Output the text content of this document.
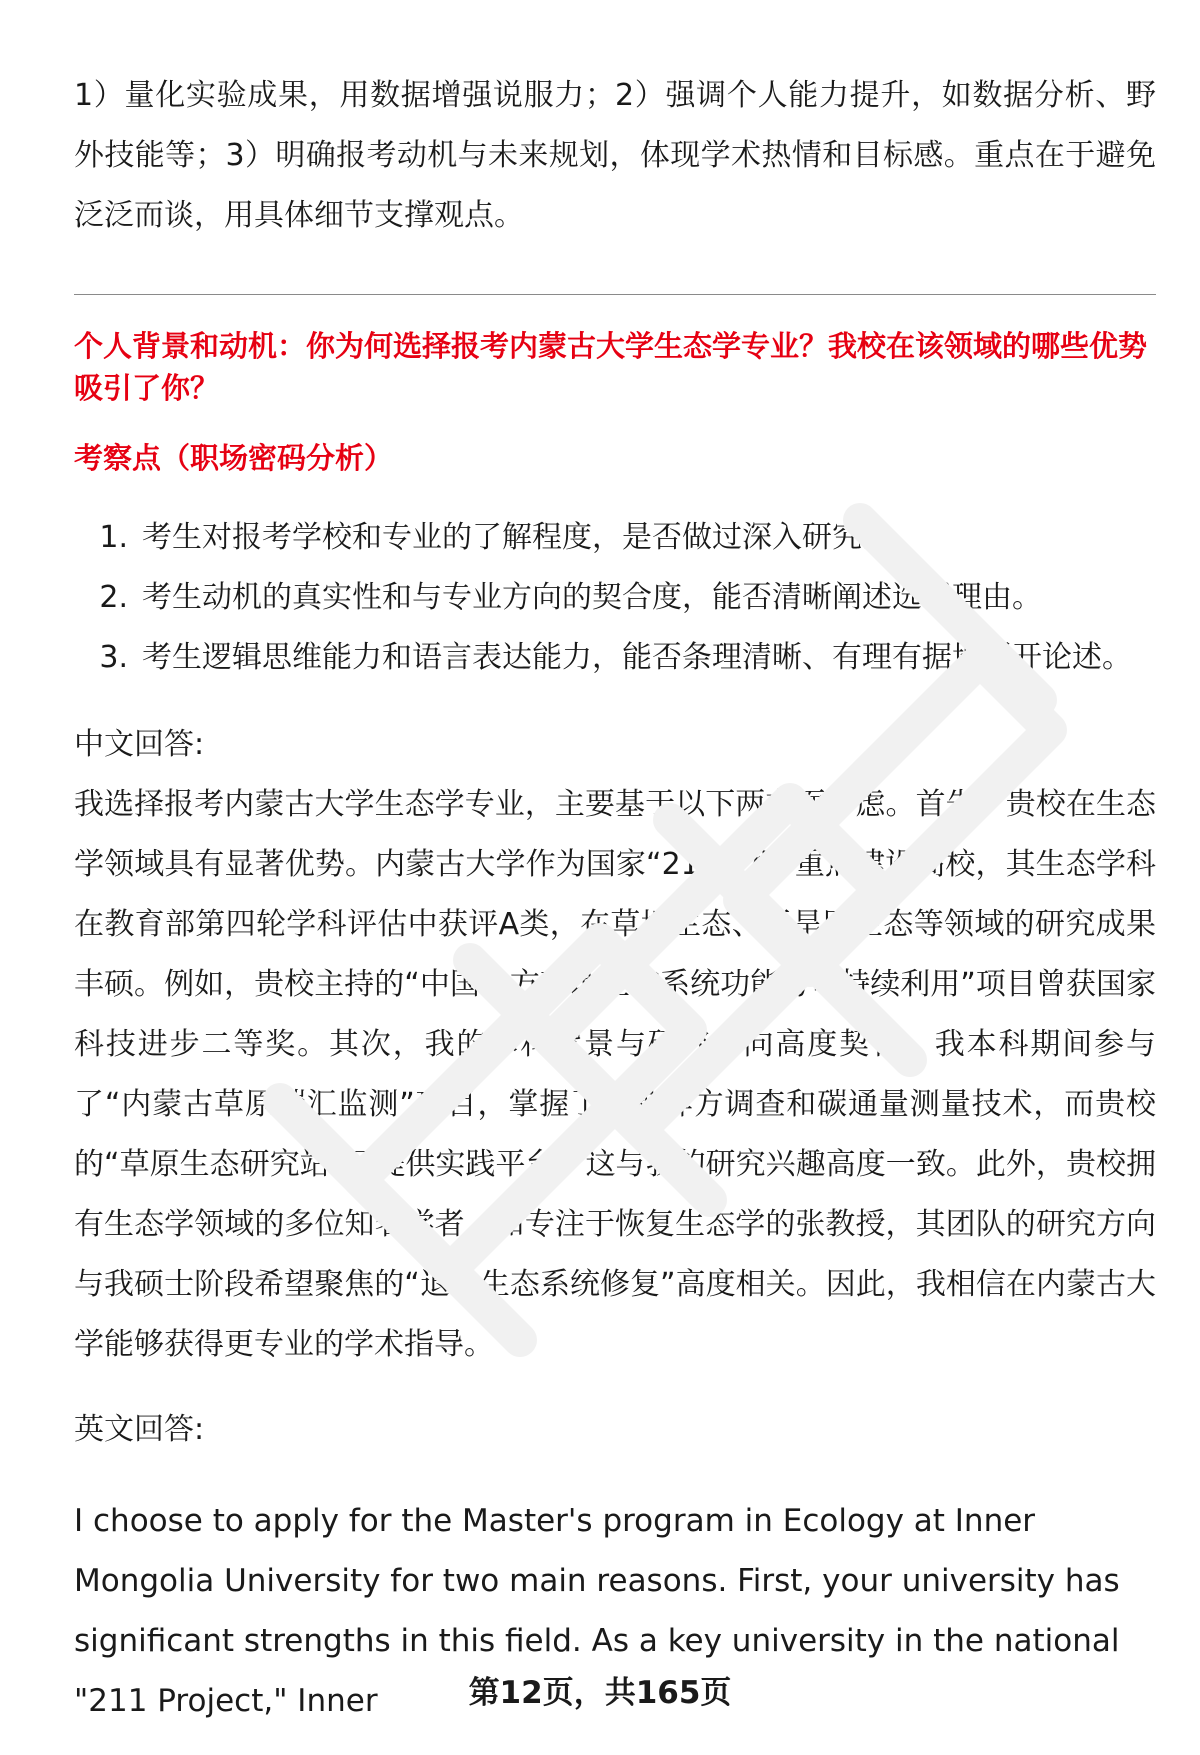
1）量化实验成果，用数据增强说服力；2）强调个人能力提升，如数据分析、野外技能等；3）明确报考动机与未来规划，体现学术热情和目标感。重点在于避免泛泛而谈，用具体细节支撑观点。

个人背景和动机：你为何选择报考内蒙古大学生态学专业？我校在该领域的哪些优势吸引了你？

考察点（职场密码分析）

1. 考生对报考学校和专业的了解程度，是否做过深入研究。
2. 考生动机的真实性和与专业方向的契合度，能否清晰阐述选择理由。
3. 考生逻辑思维能力和语言表达能力，能否条理清晰、有理有据地展开论述。

中文回答:

我选择报考内蒙古大学生态学专业，主要基于以下两方面考虑。首先，贵校在生态学领域具有显著优势。内蒙古大学作为国家“211工程”重点建设高校，其生态学科在教育部第四轮学科评估中获评A类，在草地生态、干旱区生态等领域的研究成果丰硕。例如，贵校主持的“中国北方草地生态系统功能与可持续利用”项目曾获国家科技进步二等奖。其次，我的本科背景与研究方向高度契合。我本科期间参与了“内蒙古草原碳汇监测”项目，掌握了植被样方调查和碳通量测量技术，而贵校的“草原生态研究站”可提供实践平台，这与我的研究兴趣高度一致。此外，贵校拥有生态学领域的多位知名学者，如专注于恢复生态学的张教授，其团队的研究方向与我硕士阶段希望聚焦的“退化生态系统修复”高度相关。因此，我相信在内蒙古大学能够获得更专业的学术指导。

英文回答:

I choose to apply for the Master's program in Ecology at Inner Mongolia University for two main reasons. First, your university has significant strengths in this field. As a key university in the national "211 Project," Inner	第12页，共165页
